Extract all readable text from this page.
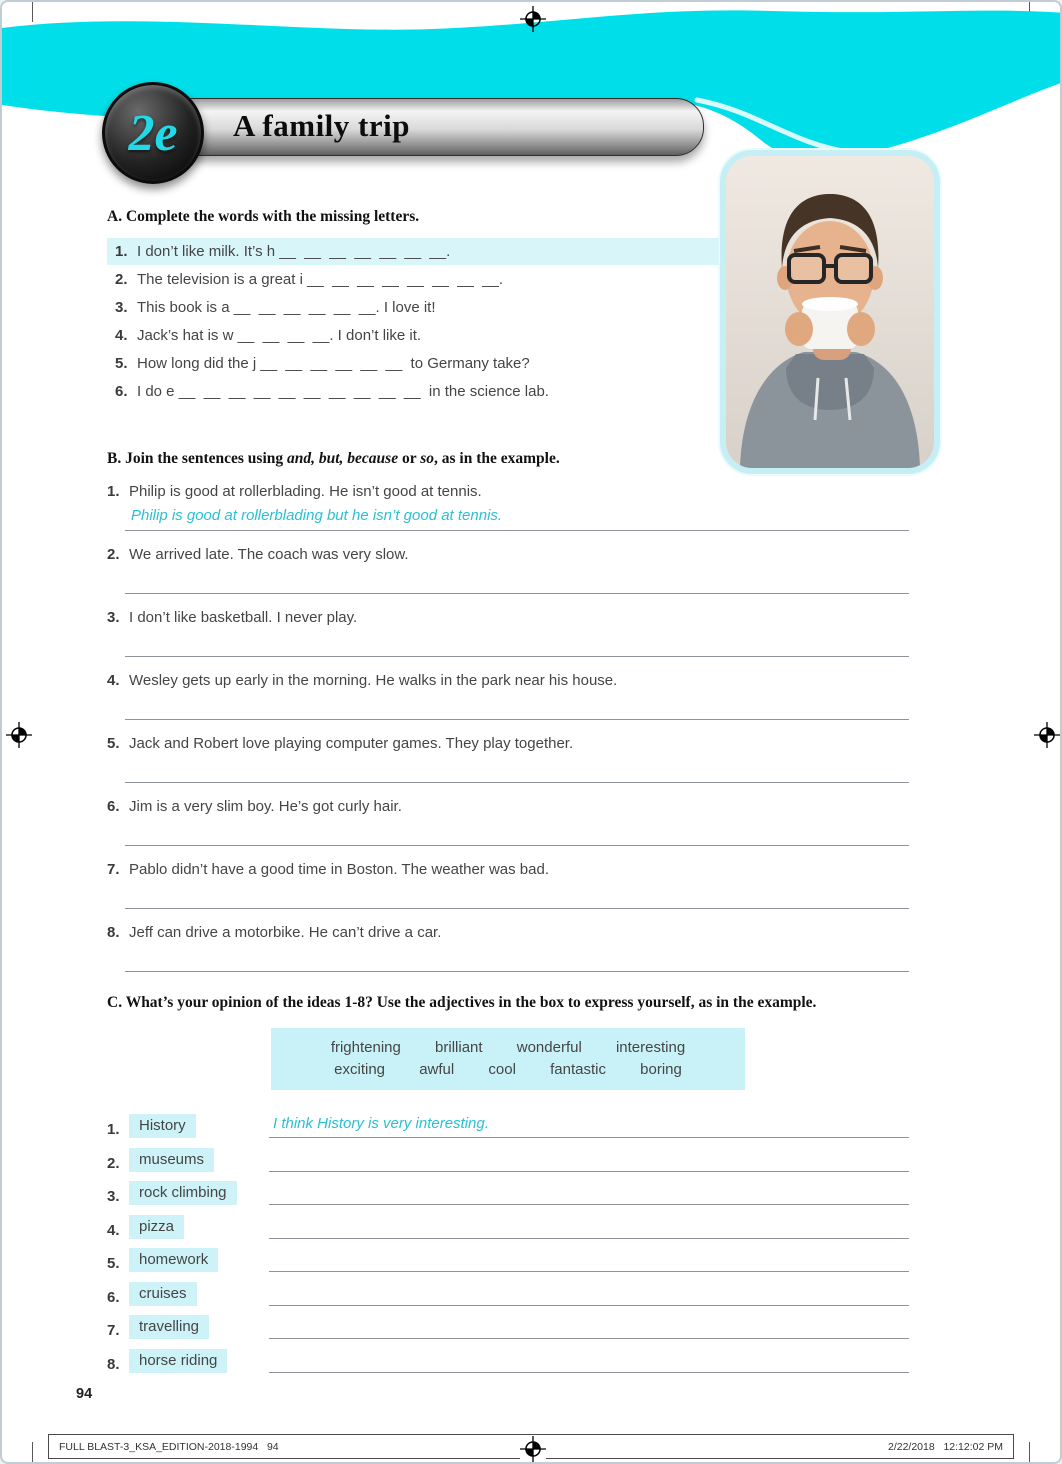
A family trip
2e
A. Complete the words with the missing letters.
1. I don’t like milk. It’s h __  __  __  __  __  __  __.
2. The television is a great i __  __  __  __  __  __  __  __.
3. This book is a __  __  __  __  __  __. I love it!
4. Jack’s hat is w __  __  __  __. I don’t like it.
5. How long did the j __  __  __  __  __  __  to Germany take?
6. I do e __  __  __  __  __  __  __  __  __  __  in the science lab.
B. Join the sentences using and, but, because or so, as in the example.
1. Philip is good at rollerblading. He isn’t good at tennis.
Philip is good at rollerblading but he isn’t good at tennis.
2. We arrived late. The coach was very slow.
3. I don’t like basketball. I never play.
4. Wesley gets up early in the morning. He walks in the park near his house.
5. Jack and Robert love playing computer games. They play together.
6. Jim is a very slim boy. He’s got curly hair.
7. Pablo didn’t have a good time in Boston. The weather was bad.
8. Jeff can drive a motorbike. He can’t drive a car.
C. What’s your opinion of the ideas 1-8? Use the adjectives in the box to express yourself, as in the example.
frightening brilliant wonderful interesting
exciting awful cool fantastic boring
1.	History	I think History is very interesting.
2.	museums
3.	rock climbing
4.	pizza
5.	homework
6.	cruises
7.	travelling
8.	horse riding
94
FULL BLAST-3_KSA_EDITION-2018-1994   94	2/22/2018   12:12:02 PM
